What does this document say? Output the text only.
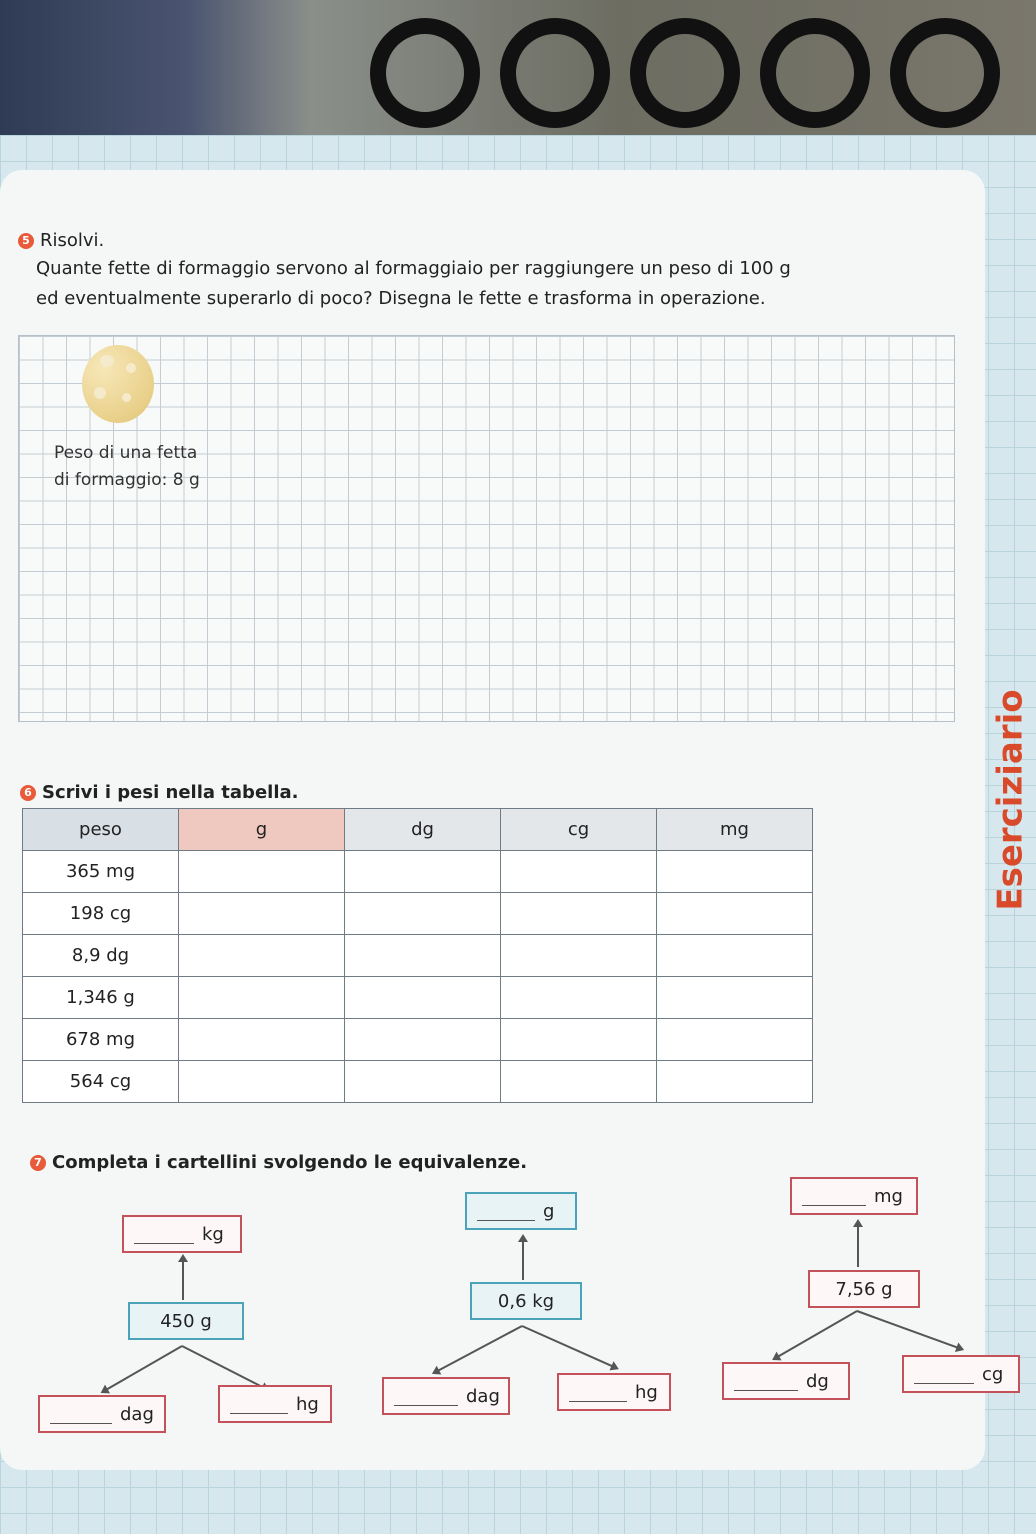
5 Risolvi.
Quante fette di formaggio servono al formaggiaio per raggiungere un peso di 100 g
ed eventualmente superarlo di poco? Disegna le fette e trasforma in operazione.
Peso di una fetta
di formaggio: 8 g
Eserciziario
6 Scrivi i pesi nella tabella.
peso	g	dg	cg	mg
365 mg				
198 cg				
8,9 dg				
1,346 g				
678 mg				
564 cg				
7 Completa i cartellini svolgendo le equivalenze.
kg
450 g
dag	hg
g
0,6 kg
dag	hg
mg
7,56 g
dg	cg
